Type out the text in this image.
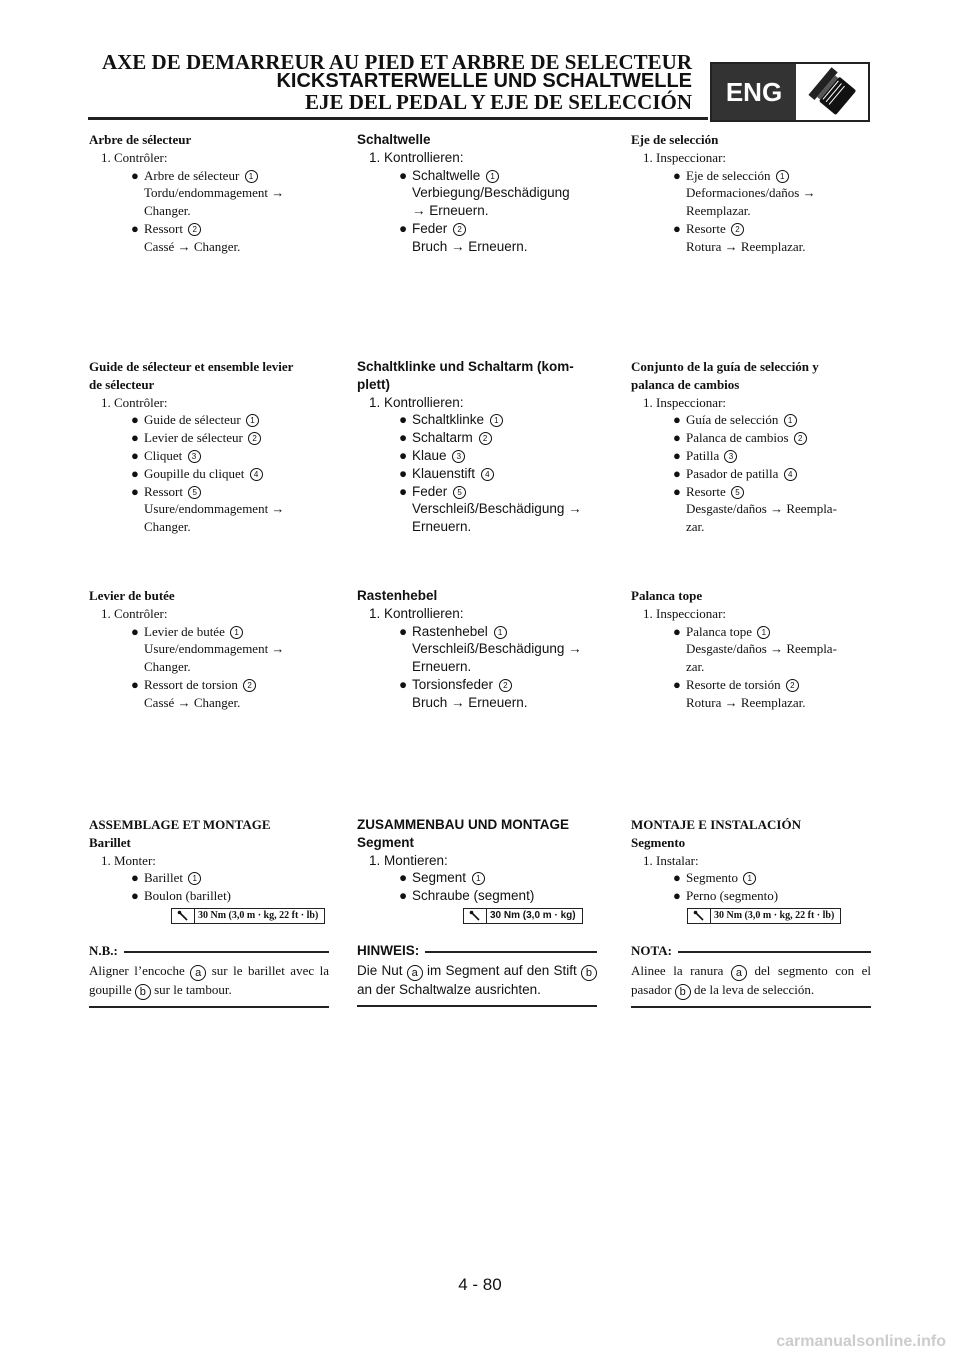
AXE DE DEMARREUR AU PIED ET ARBRE DE SELECTEUR
KICKSTARTERWELLE UND SCHALTWELLE
EJE DEL PEDAL Y EJE DE SELECCIÓN	ENG
Arbre de sélecteur
1. Contrôler:
● Arbre de sélecteur 1
Tordu/endommagement →
Changer.
● Ressort 2
Cassé → Changer.
Guide de sélecteur et ensemble levier
de sélecteur
1. Contrôler:
● Guide de sélecteur 1
● Levier de sélecteur 2
● Cliquet 3
● Goupille du cliquet 4
● Ressort 5
Usure/endommagement →
Changer.
Levier de butée
1. Contrôler:
● Levier de butée 1
Usure/endommagement →
Changer.
● Ressort de torsion 2
Cassé → Changer.
ASSEMBLAGE ET MONTAGE
Barillet
1. Monter:
● Barillet 1
● Boulon (barillet)
30 Nm (3,0 m · kg, 22 ft · lb)
N.B.:
Aligner l’encoche a sur le barillet avec la goupille b sur le tambour.
Schaltwelle
1. Kontrollieren:
● Schaltwelle 1
Verbiegung/Beschädigung
→ Erneuern.
● Feder 2
Bruch → Erneuern.
Schaltklinke und Schaltarm (kom-
plett)
1. Kontrollieren:
● Schaltklinke 1
● Schaltarm 2
● Klaue 3
● Klauenstift 4
● Feder 5
Verschleiß/Beschädigung →
Erneuern.
Rastenhebel
1. Kontrollieren:
● Rastenhebel 1
Verschleiß/Beschädigung →
Erneuern.
● Torsionsfeder 2
Bruch → Erneuern.
ZUSAMMENBAU UND MONTAGE
Segment
1. Montieren:
● Segment 1
● Schraube (segment)
30 Nm (3,0 m · kg)
HINWEIS:
Die Nut a im Segment auf den Stift b an der Schaltwalze ausrichten.
Eje de selección
1. Inspeccionar:
● Eje de selección 1
Deformaciones/daños →
Reemplazar.
● Resorte 2
Rotura → Reemplazar.
Conjunto de la guía de selección y
palanca de cambios
1. Inspeccionar:
● Guía de selección 1
● Palanca de cambios 2
● Patilla 3
● Pasador de patilla 4
● Resorte 5
Desgaste/daños → Reempla-
zar.
Palanca tope
1. Inspeccionar:
● Palanca tope 1
Desgaste/daños → Reempla-
zar.
● Resorte de torsión 2
Rotura → Reemplazar.
MONTAJE E INSTALACIÓN
Segmento
1. Instalar:
● Segmento 1
● Perno (segmento)
30 Nm (3,0 m · kg, 22 ft · lb)
NOTA:
Alinee la ranura a del segmento con el pasador b de la leva de selección.
4 - 80
carmanualsonline.info
